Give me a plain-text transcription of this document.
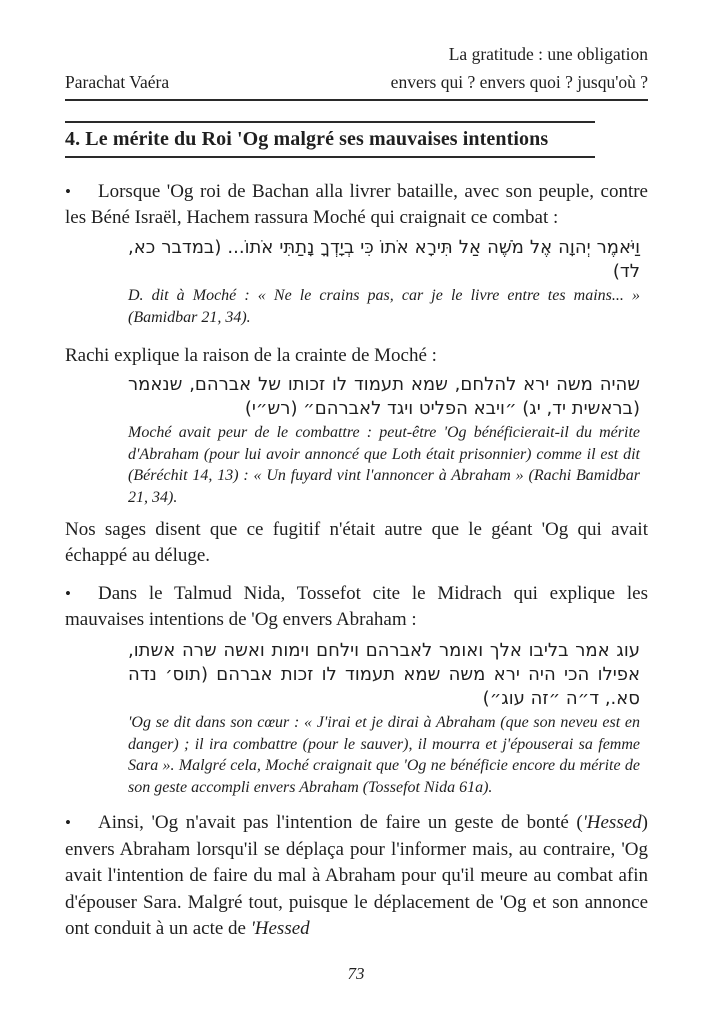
La gratitude : une obligation
Parachat Vaéra	envers qui ? envers quoi ? jusqu'où ?
4. Le mérite du Roi 'Og malgré ses mauvaises intentions

• Lorsque 'Og roi de Bachan alla livrer bataille, avec son peuple, contre les Béné Israël, Hachem rassura Moché qui craignait ce combat :

וַיֹּאמֶר יְהוָה אֶל מֹשֶׁה אַל תִּירָא אֹתוֹ כִּי בְיָדְךָ נָתַתִּי אֹתוֹ... (במדבר כא, לד)

D. dit à Moché : « Ne le crains pas, car je le livre entre tes mains... » (Bamidbar 21, 34).

Rachi explique la raison de la crainte de Moché :

שהיה משה ירא להלחם, שמא תעמוד לו זכותו של אברהם, שנאמר (בראשית יד, יג) ״ויבא הפליט ויגד לאברהם״ (רש״י)

Moché avait peur de le combattre : peut-être 'Og bénéficierait-il du mérite d'Abraham (pour lui avoir annoncé que Loth était prisonnier) comme il est dit (Béréchit 14, 13) : « Un fuyard vint l'annoncer à Abraham » (Rachi Bamidbar 21, 34).

Nos sages disent que ce fugitif n'était autre que le géant 'Og qui avait échappé au déluge.

• Dans le Talmud Nida, Tossefot cite le Midrach qui explique les mauvaises intentions de 'Og envers Abraham :

עוג אמר בליבו אלך ואומר לאברהם וילחם וימות ואשה שרה אשתו, אפילו הכי היה ירא משה שמא תעמוד לו זכות אברהם (תוס׳ נדה סא., ד״ה ״זה עוג״)

'Og se dit dans son cœur : « J'irai et je dirai à Abraham (que son neveu est en danger) ; il ira combattre (pour le sauver), il mourra et j'épouserai sa femme Sara ». Malgré cela, Moché craignait que 'Og ne bénéficie encore du mérite de son geste accompli envers Abraham (Tossefot Nida 61a).

• Ainsi, 'Og n'avait pas l'intention de faire un geste de bonté ('Hessed) envers Abraham lorsqu'il se déplaça pour l'informer mais, au contraire, 'Og avait l'intention de faire du mal à Abraham pour qu'il meure au combat afin d'épouser Sara. Malgré tout, puisque le déplacement de 'Og et son annonce ont conduit à un acte de 'Hessed

73
